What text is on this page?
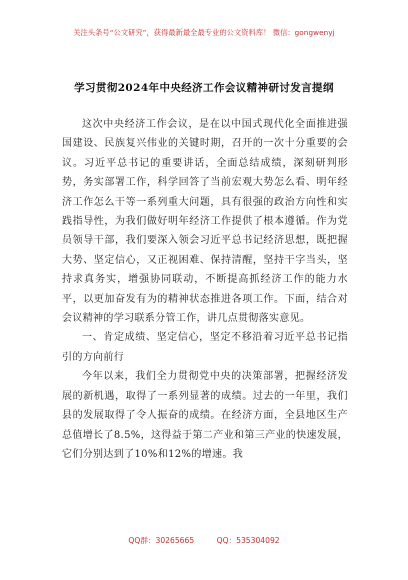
关注头条号“公文研究”，获得最新最全最专业的公文资料库！ 微信：gongwenyj
学习贯彻2024年中央经济工作会议精神研讨发言提纲

这次中央经济工作会议，是在以中国式现代化全面推进强国建设、民族复兴伟业的关键时期，召开的一次十分重要的会议。习近平总书记的重要讲话，全面总结成绩，深刻研判形势，务实部署工作，科学回答了当前宏观大势怎么看、明年经济工作怎么干等一系列重大问题，具有很强的政治方向性和实践指导性，为我们做好明年经济工作提供了根本遵循。作为党员领导干部，我们要深入领会习近平总书记经济思想，既把握大势、坚定信心，又正视困难、保持清醒，坚持干字当头，坚持求真务实，增强协同联动，不断提高抓经济工作的能力水平，以更加奋发有为的精神状态推进各项工作。下面，结合对会议精神的学习联系分管工作，讲几点贯彻落实意见。

一、肯定成绩、坚定信心，坚定不移沿着习近平总书记指引的方向前行

今年以来，我们全力贯彻党中央的决策部署，把握经济发展的新机遇，取得了一系列显著的成绩。过去的一年里，我们县的发展取得了令人振奋的成绩。在经济方面，全县地区生产总值增长了8.5%，这得益于第二产业和第三产业的快速发展，它们分别达到了10%和12%的增速。我

QQ群：30265665	QQ：535304092
